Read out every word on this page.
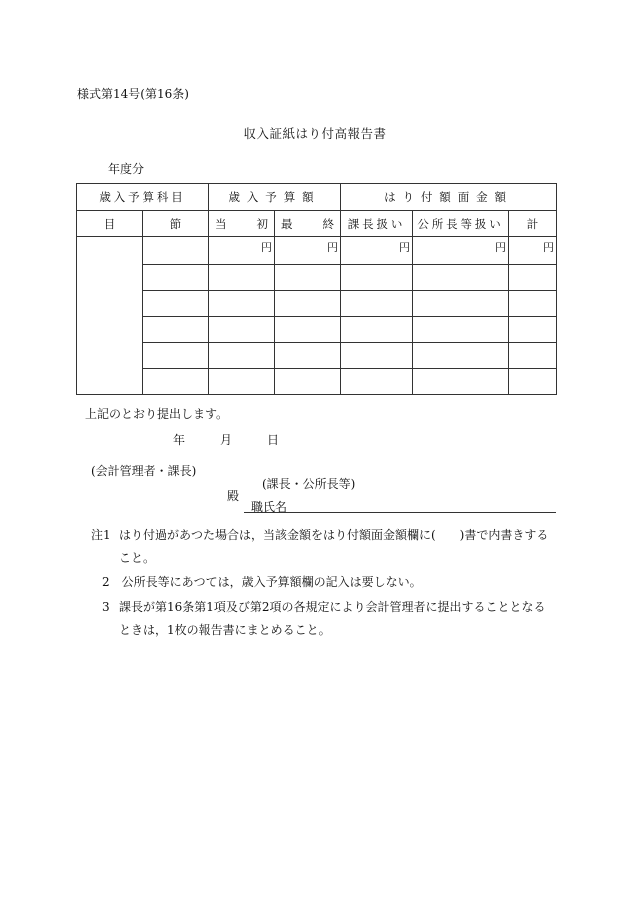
様式第14号(第16条)
収入証紙はり付高報告書
年度分
歳入予算科目		歳入予算額		はり付額面金額		
目	節	当 初	最 終	課長扱い	公所長等扱い	計
		円	円	円	円	円

上記のとおり提出します。
年	月	日
(会計管理者・課長)
殿
(課長・公所長等)
職氏名
注1 はり付過があつた場合は，当該金額をはり付額面金額欄に(　　)書で内書きすること。
2　公所長等にあつては，歳入予算額欄の記入は要しない。
3 課長が第16条第1項及び第2項の各規定により会計管理者に提出することとなるときは，1枚の報告書にまとめること。
